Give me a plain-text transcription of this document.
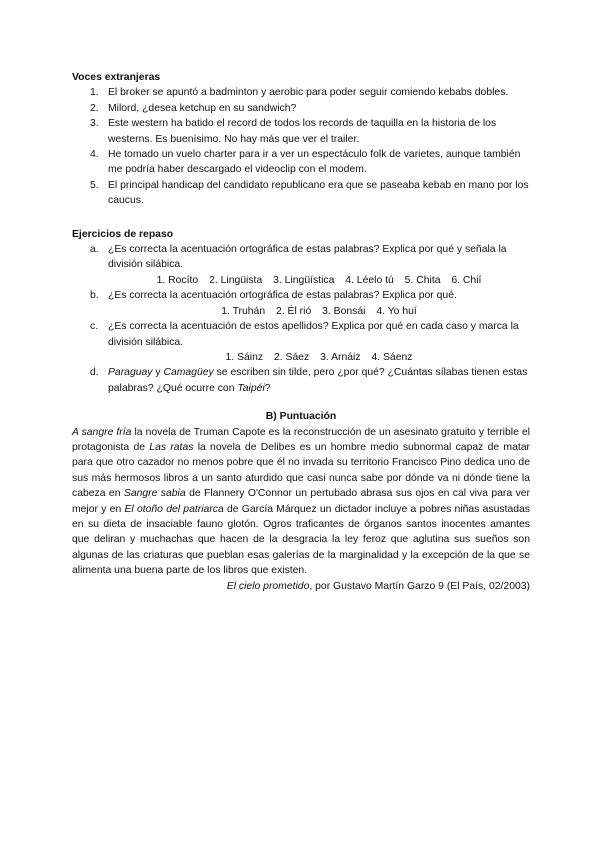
Voces extranjeras

1. El broker se apuntó a badminton y aerobic para poder seguir comiendo kebabs dobles.
2. Milord, ¿desea ketchup en su sandwich?
3. Este western ha batido el record de todos los records de taquilla en la historia de los westerns. Es buenísimo. No hay más que ver el trailer.
4. He tomado un vuelo charter para ir a ver un espectáculo folk de varietes, aunque también me podría haber descargado el videoclip con el modem.
5. El principal handicap del candidato republicano era que se paseaba kebab en mano por los caucus.

Ejercicios de repaso

a. ¿Es correcta la acentuación ortográfica de estas palabras? Explica por qué y señala la división silábica.
1. Rocíto 2. Lingüista 3. Lingüística 4. Léelo tú 5. Chita 6. Chií
b. ¿Es correcta la acentuación ortográfica de estas palabras? Explica por qué.
1. Truhán 2. Él rió 3. Bonsái 4. Yo huí
c. ¿Es correcta la acentuación de estos apellidos? Explica por qué en cada caso y marca la división silábica.
1. Sáinz 2. Sáez 3. Arnáiz 4. Sáenz
d. Paraguay y Camagüey se escriben sin tilde, pero ¿por qué? ¿Cuántas sílabas tienen estas palabras? ¿Qué ocurre con Taipéi?

B) Puntuación

A sangre fría la novela de Truman Capote es la reconstrucción de un asesinato gratuito y terrible el protagonista de Las ratas la novela de Delibes es un hombre medio subnormal capaz de matar para que otro cazador no menos pobre que él no invada su territorio Francisco Pino dedica uno de sus más hermosos libros a un santo aturdido que casi nunca sabe por dónde va ni dónde tiene la cabeza en Sangre sabia de Flannery O'Connor un pertubado abrasa sus ojos en cal viva para ver mejor y en El otoño del patriarca de García Márquez un dictador incluye a pobres niñas asustadas en su dieta de insaciable fauno glotón. Ogros traficantes de órganos santos inocentes amantes que deliran y muchachas que hacen de la desgracia la ley feroz que aglutina sus sueños son algunas de las criaturas que pueblan esas galerías de la marginalidad y la excepción de la que se alimenta una buena parte de los libros que existen.

El cielo prometido, por Gustavo Martín Garzo 9 (El País, 02/2003)
